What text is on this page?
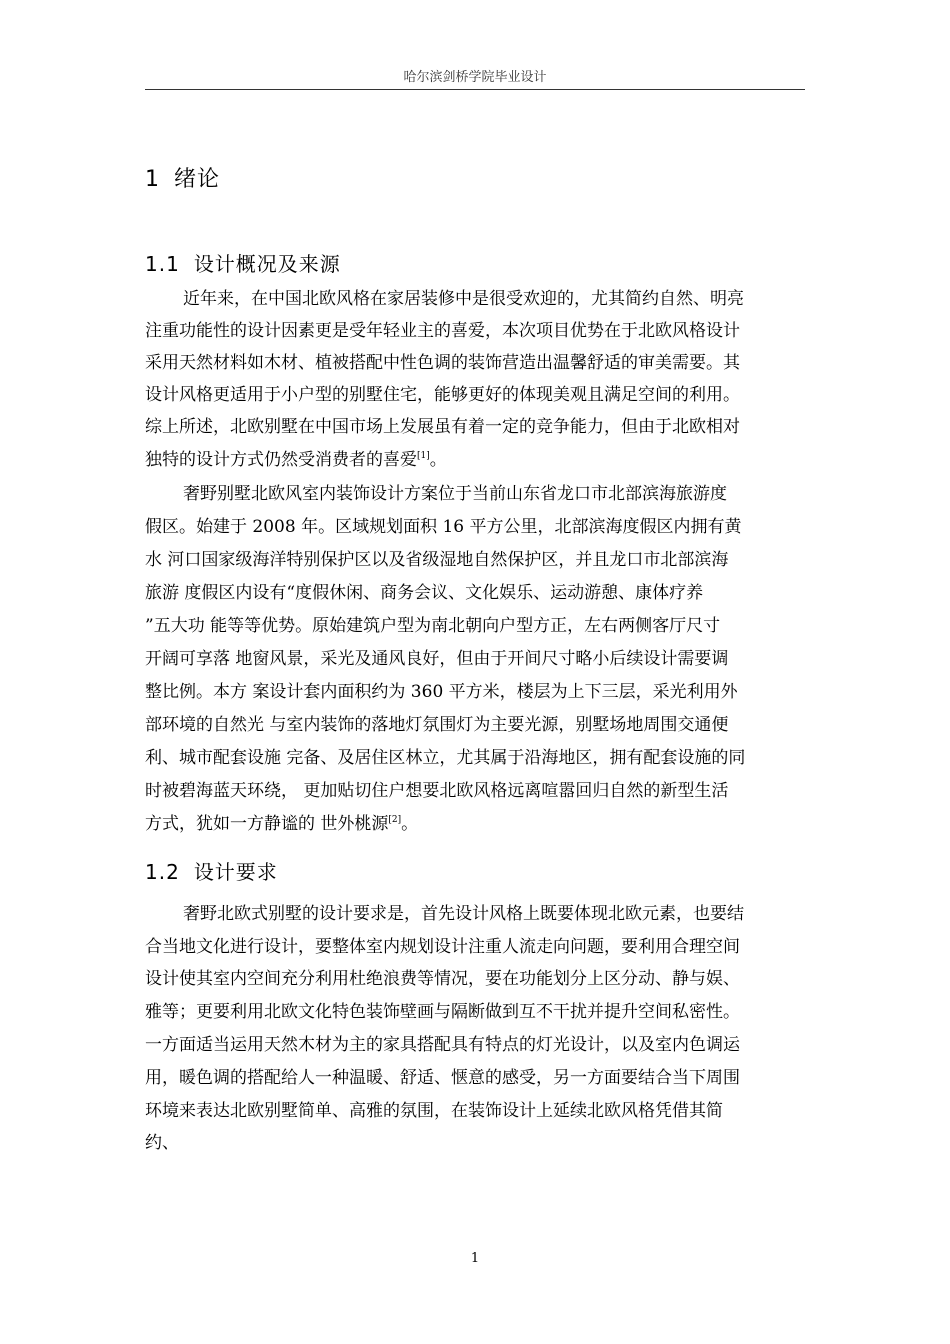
哈尔滨剑桥学院毕业设计
1 绪论
1.1 设计概况及来源
近年来，在中国北欧风格在家居装修中是很受欢迎的，尤其简约自然、明亮
注重功能性的设计因素更是受年轻业主的喜爱，本次项目优势在于北欧风格设计
采用天然材料如木材、植被搭配中性色调的装饰营造出温馨舒适的审美需要。其
设计风格更适用于小户型的别墅住宅，能够更好的体现美观且满足空间的利用。
综上所述，北欧别墅在中国市场上发展虽有着一定的竞争能力，但由于北欧相对
独特的设计方式仍然受消费者的喜爱[1]。
奢野别墅北欧风室内装饰设计方案位于当前山东省龙口市北部滨海旅游度
假区。始建于 2008 年。区域规划面积 16 平方公里，北部滨海度假区内拥有黄
水 河口国家级海洋特别保护区以及省级湿地自然保护区，并且龙口市北部滨海
旅游 度假区内设有“度假休闲、商务会议、文化娱乐、运动游憩、康体疗养
”五大功 能等等优势。原始建筑户型为南北朝向户型方正，左右两侧客厅尺寸
开阔可享落 地窗风景，采光及通风良好，但由于开间尺寸略小后续设计需要调
整比例。本方 案设计套内面积约为 360 平方米，楼层为上下三层，采光利用外
部环境的自然光 与室内装饰的落地灯氛围灯为主要光源，别墅场地周围交通便
利、城市配套设施 完备、及居住区林立，尤其属于沿海地区，拥有配套设施的同
时被碧海蓝天环绕， 更加贴切住户想要北欧风格远离喧嚣回归自然的新型生活
方式，犹如一方静谧的 世外桃源[2]。
1.2 设计要求
奢野北欧式别墅的设计要求是，首先设计风格上既要体现北欧元素，也要结
合当地文化进行设计，要整体室内规划设计注重人流走向问题，要利用合理空间
设计使其室内空间充分利用杜绝浪费等情况，要在功能划分上区分动、静与娱、
雅等；更要利用北欧文化特色装饰壁画与隔断做到互不干扰并提升空间私密性。
一方面适当运用天然木材为主的家具搭配具有特点的灯光设计，以及室内色调运
用，暖色调的搭配给人一种温暖、舒适、惬意的感受，另一方面要结合当下周围
环境来表达北欧别墅简单、高雅的氛围，在装饰设计上延续北欧风格凭借其简
约、
1
